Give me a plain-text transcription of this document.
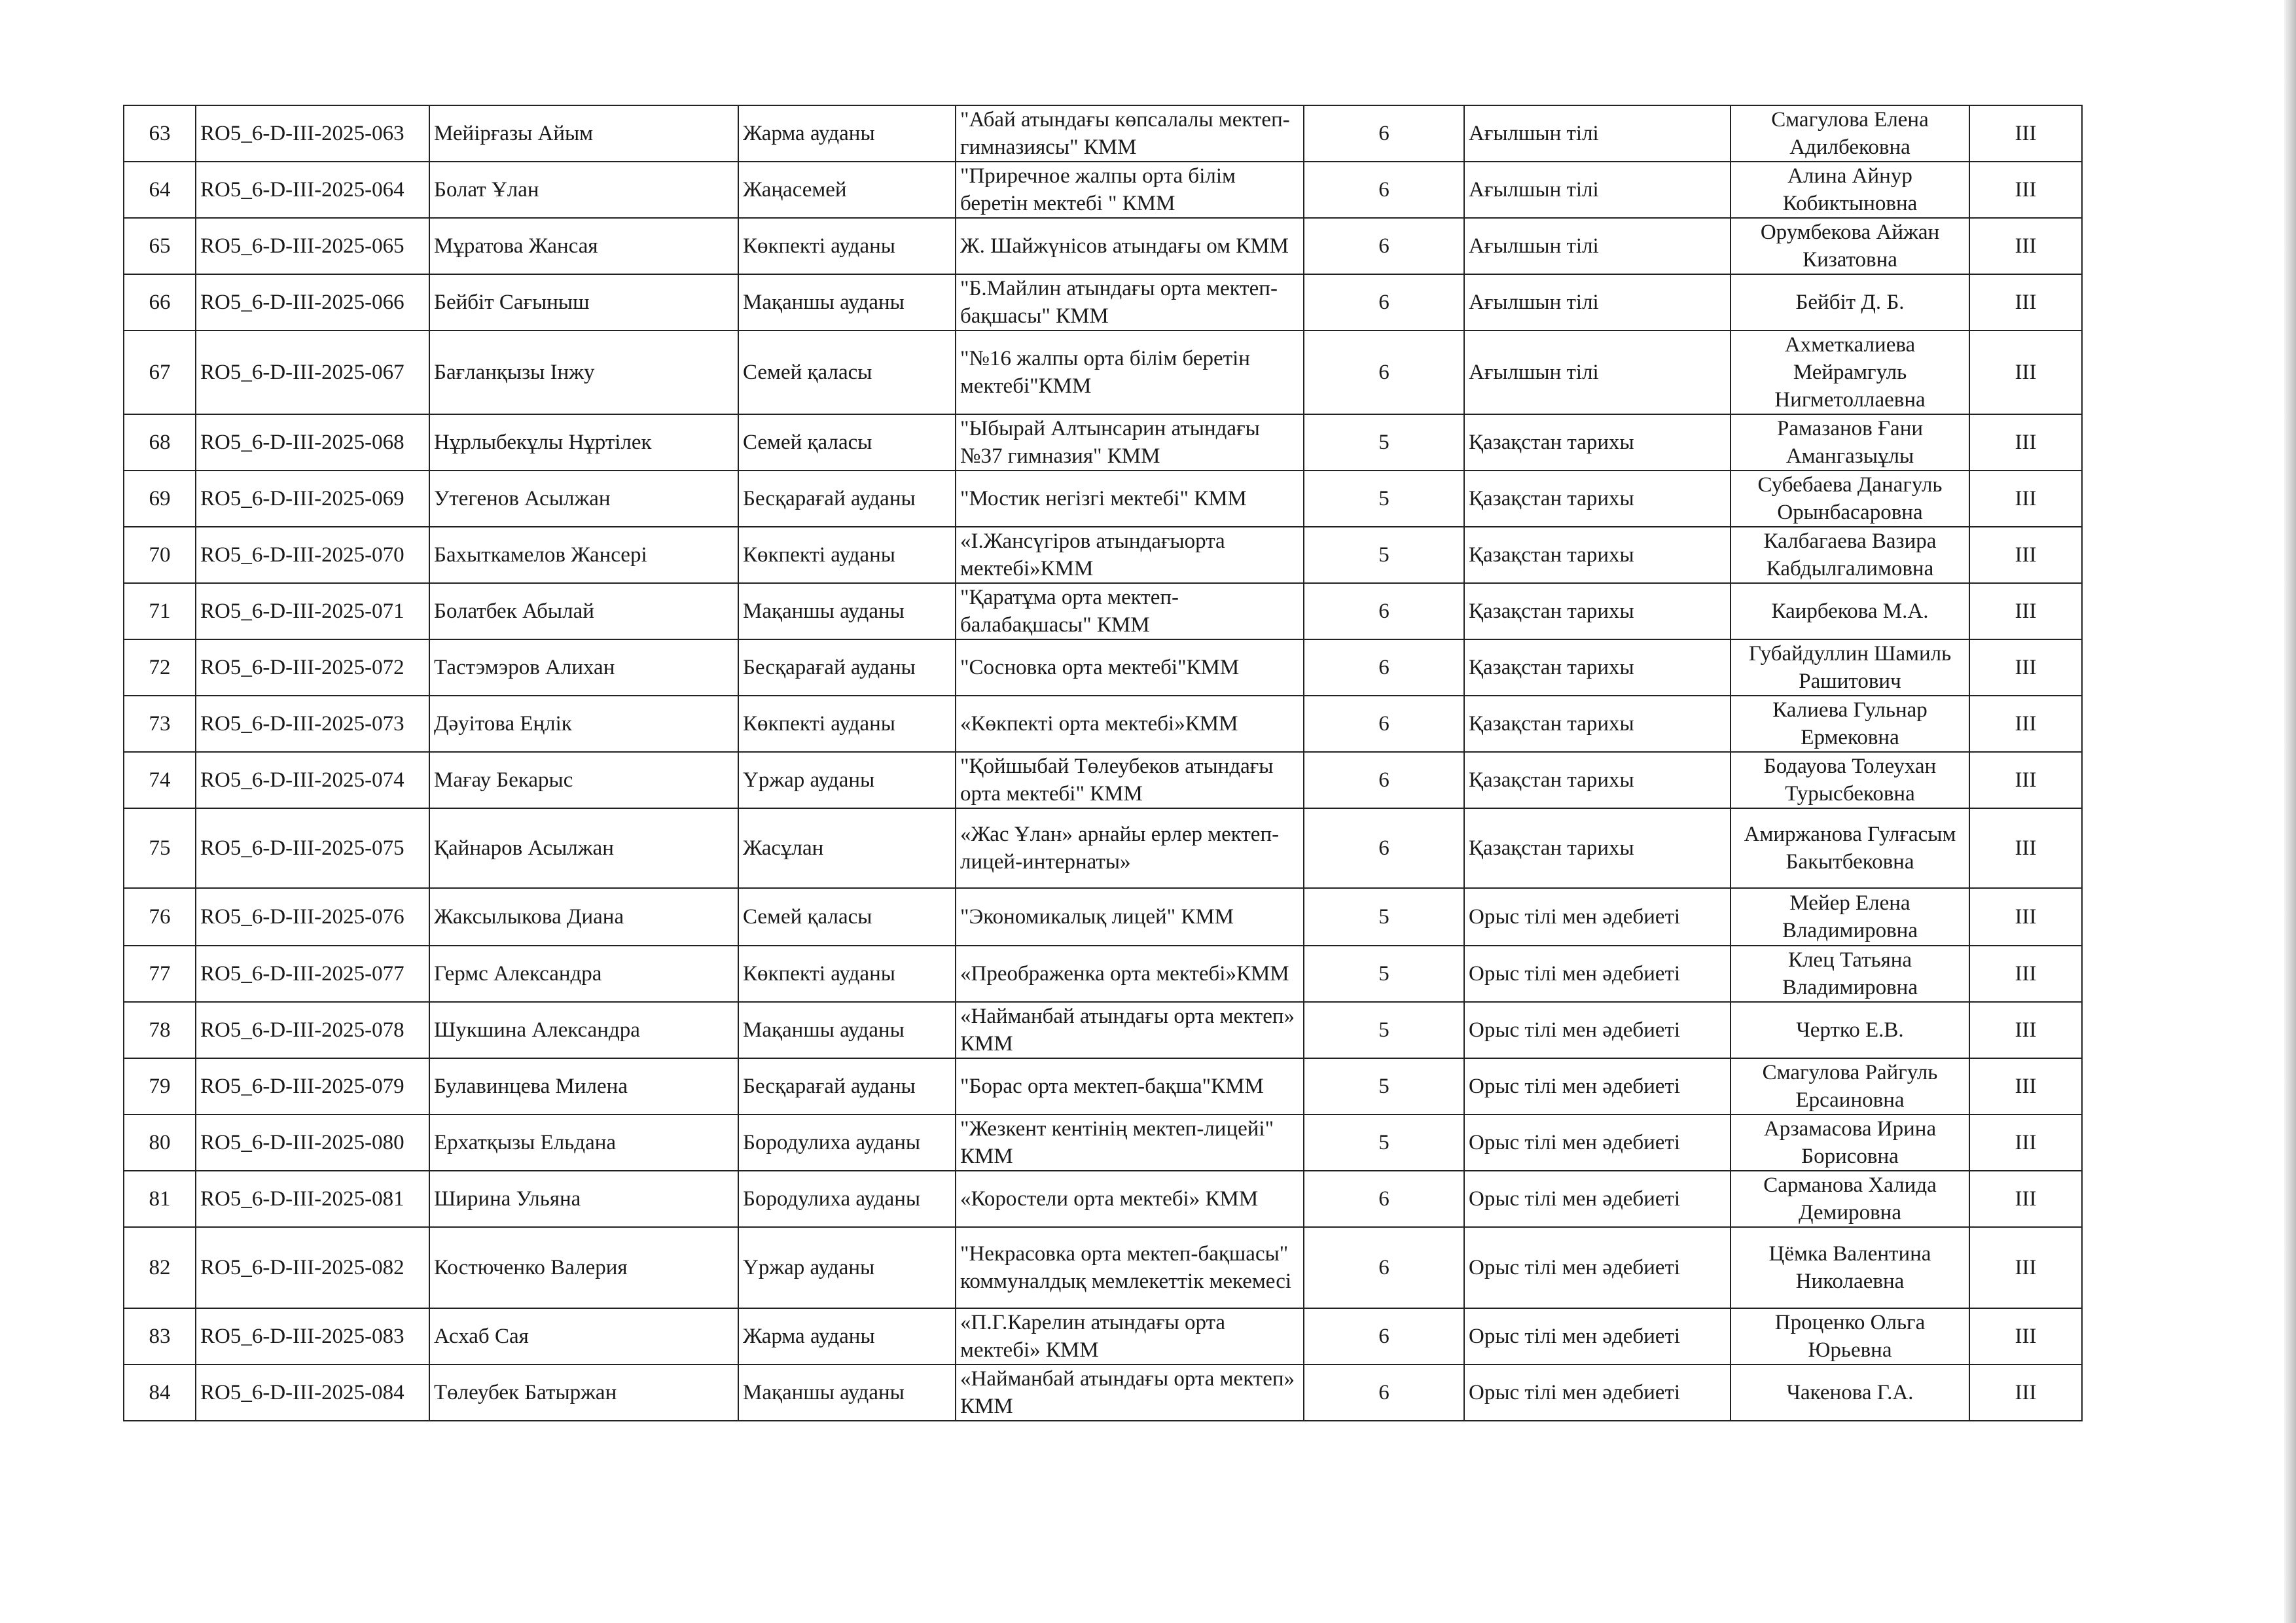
63	RO5_6-D-III-2025-063	Мейірғазы Айым	Жарма ауданы	"Абай атындағы көпсалалы мектеп-гимназиясы" КММ	6	Ағылшын тілі	Смагулова Елена Адилбековна	III
64	RO5_6-D-III-2025-064	Болат Ұлан	Жаңасемей	"Приречное жалпы орта білім беретін мектебі " КММ	6	Ағылшын тілі	Алина Айнур Кобиктыновна	III
65	RO5_6-D-III-2025-065	Мұратова Жансая	Көкпекті ауданы	Ж. Шайжүнісов атындағы ом КММ	6	Ағылшын тілі	Орумбекова Айжан Кизатовна	III
66	RO5_6-D-III-2025-066	Бейбіт Сағыныш	Мақаншы ауданы	"Б.Майлин атындағы орта мектеп-бақшасы" КММ	6	Ағылшын тілі	Бейбіт Д. Б.	III
67	RO5_6-D-III-2025-067	Бағланқызы Інжу	Семей қаласы	"№16 жалпы орта білім беретін мектебі"КММ	6	Ағылшын тілі	Ахметкалиева Мейрамгуль Нигметоллаевна	III
68	RO5_6-D-III-2025-068	Нұрлыбекұлы Нұртілек	Семей қаласы	"Ыбырай Алтынсарин атындағы №37 гимназия" КММ	5	Қазақстан тарихы	Рамазанов Ғани Амангазыұлы	III
69	RO5_6-D-III-2025-069	Утегенов Асылжан	Бесқарағай ауданы	"Мостик негізгі мектебі" КММ	5	Қазақстан тарихы	Субебаева Данагуль Орынбасаровна	III
70	RO5_6-D-III-2025-070	Бахыткамелов Жансері	Көкпекті ауданы	«І.Жансүгіров атындағыорта мектебі»КММ	5	Қазақстан тарихы	Калбагаева Вазира Кабдылгалимовна	III
71	RO5_6-D-III-2025-071	Болатбек Абылай	Мақаншы ауданы	"Қаратұма орта мектеп-балабақшасы" КММ	6	Қазақстан тарихы	Каирбекова М.А.	III
72	RO5_6-D-III-2025-072	Тастэмэров Алихан	Бесқарағай ауданы	"Сосновка орта мектебі"КММ	6	Қазақстан тарихы	Губайдуллин Шамиль Рашитович	III
73	RO5_6-D-III-2025-073	Дәуітова Еңлік	Көкпекті ауданы	«Көкпекті орта мектебі»КММ	6	Қазақстан тарихы	Калиева Гульнар Ермековна	III
74	RO5_6-D-III-2025-074	Мағау Бекарыс	Үржар ауданы	"Қойшыбай Төлеубеков атындағы орта мектебі" КММ	6	Қазақстан тарихы	Бодауова Толеухан Турысбековна	III
75	RO5_6-D-III-2025-075	Қайнаров Асылжан	Жасұлан	«Жас Ұлан» арнайы ерлер мектеп-лицей-интернаты»	6	Қазақстан тарихы	Амиржанова Гулғасым Бакытбековна	III
76	RO5_6-D-III-2025-076	Жаксылыкова Диана	Семей қаласы	"Экономикалық лицей" КММ	5	Орыс тілі мен әдебиеті	Мейер Елена Владимировна	III
77	RO5_6-D-III-2025-077	Гермс Александра	Көкпекті ауданы	«Преображенка орта мектебі»КММ	5	Орыс тілі мен әдебиеті	Клец Татьяна Владимировна	III
78	RO5_6-D-III-2025-078	Шукшина Александра	Мақаншы ауданы	«Найманбай атындағы орта мектеп» КММ	5	Орыс тілі мен әдебиеті	Чертко Е.В.	III
79	RO5_6-D-III-2025-079	Булавинцева Милена	Бесқарағай ауданы	"Борас орта мектеп-бақша"КММ	5	Орыс тілі мен әдебиеті	Смагулова Райгуль Ерсаиновна	III
80	RO5_6-D-III-2025-080	Ерхатқызы Ельдана	Бородулиха ауданы	"Жезкент кентінің мектеп-лицейі" КММ	5	Орыс тілі мен әдебиеті	Арзамасова Ирина Борисовна	III
81	RO5_6-D-III-2025-081	Ширина Ульяна	Бородулиха ауданы	«Коростели орта мектебі» КММ	6	Орыс тілі мен әдебиеті	Сарманова Халида Демировна	III
82	RO5_6-D-III-2025-082	Костюченко Валерия	Үржар ауданы	"Некрасовка орта мектеп-бақшасы" коммуналдық мемлекеттік мекемесі	6	Орыс тілі мен әдебиеті	Цёмка Валентина Николаевна	III
83	RO5_6-D-III-2025-083	Асхаб Сая	Жарма ауданы	«П.Г.Карелин атындағы орта мектебі» КММ	6	Орыс тілі мен әдебиеті	Проценко Ольга Юрьевна	III
84	RO5_6-D-III-2025-084	Төлеубек Батыржан	Мақаншы ауданы	«Найманбай атындағы орта мектеп» КММ	6	Орыс тілі мен әдебиеті	Чакенова Г.А.	III
